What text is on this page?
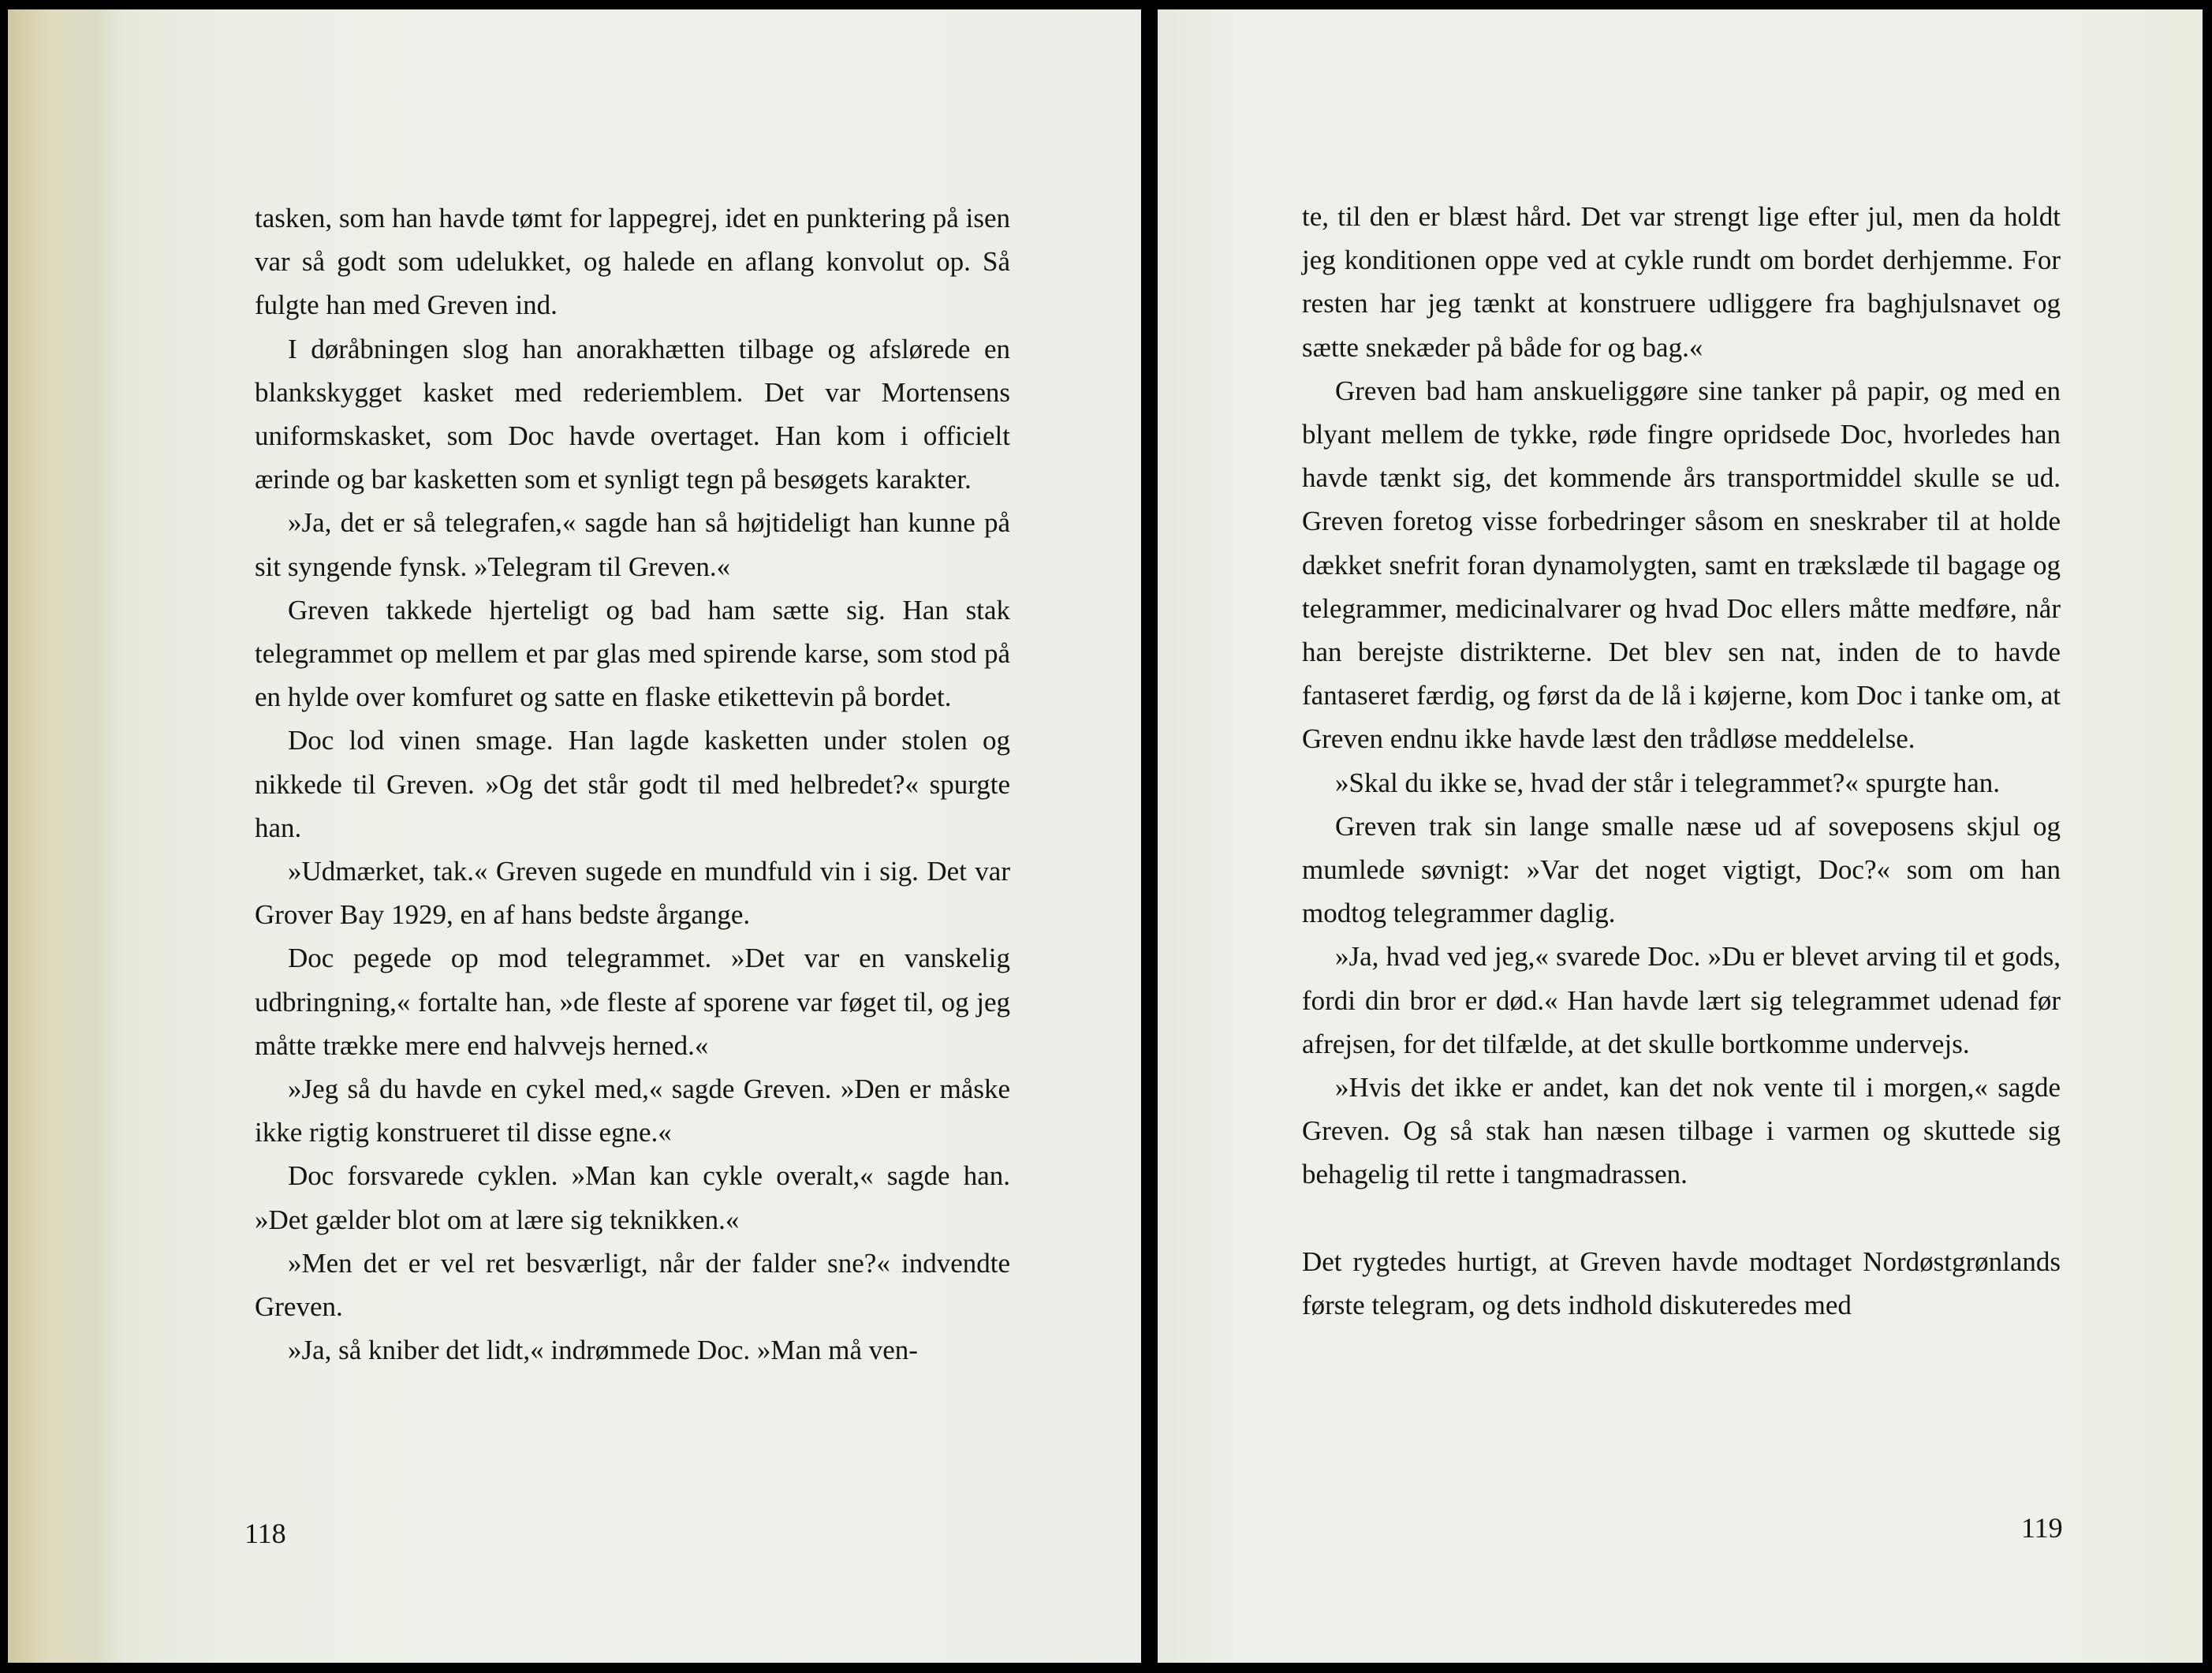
tasken, som han havde tømt for lappegrej, idet en punktering på isen var så godt som udelukket, og halede en aflang konvolut op. Så fulgte han med Greven ind.

I døråbningen slog han anorakhætten tilbage og afslørede en blankskygget kasket med rederiemblem. Det var Mortensens uniformskasket, som Doc havde overtaget. Han kom i officielt ærinde og bar kasketten som et synligt tegn på besøgets karakter.

»Ja, det er så telegrafen,« sagde han så højtideligt han kunne på sit syngende fynsk. »Telegram til Greven.«

Greven takkede hjerteligt og bad ham sætte sig. Han stak telegrammet op mellem et par glas med spirende karse, som stod på en hylde over komfuret og satte en flaske etikettevin på bordet.

Doc lod vinen smage. Han lagde kasketten under stolen og nikkede til Greven. »Og det står godt til med helbredet?« spurgte han.

»Udmærket, tak.« Greven sugede en mundfuld vin i sig. Det var Grover Bay 1929, en af hans bedste årgange.

Doc pegede op mod telegrammet. »Det var en vanskelig udbringning,« fortalte han, »de fleste af sporene var føget til, og jeg måtte trække mere end halvvejs herned.«

»Jeg så du havde en cykel med,« sagde Greven. »Den er måske ikke rigtig konstrueret til disse egne.«

Doc forsvarede cyklen. »Man kan cykle overalt,« sagde han. »Det gælder blot om at lære sig teknikken.«

»Men det er vel ret besværligt, når der falder sne?« indvendte Greven.

»Ja, så kniber det lidt,« indrømmede Doc. »Man må ven-

118

te, til den er blæst hård. Det var strengt lige efter jul, men da holdt jeg konditionen oppe ved at cykle rundt om bordet derhjemme. For resten har jeg tænkt at konstruere udliggere fra baghjulsnavet og sætte snekæder på både for og bag.«

Greven bad ham anskueliggøre sine tanker på papir, og med en blyant mellem de tykke, røde fingre opridsede Doc, hvorledes han havde tænkt sig, det kommende års transportmiddel skulle se ud. Greven foretog visse forbedringer såsom en sneskraber til at holde dækket snefrit foran dynamolygten, samt en trækslæde til bagage og telegrammer, medicinalvarer og hvad Doc ellers måtte medføre, når han berejste distrikterne. Det blev sen nat, inden de to havde fantaseret færdig, og først da de lå i køjerne, kom Doc i tanke om, at Greven endnu ikke havde læst den trådløse meddelelse.

»Skal du ikke se, hvad der står i telegrammet?« spurgte han.

Greven trak sin lange smalle næse ud af soveposens skjul og mumlede søvnigt: »Var det noget vigtigt, Doc?« som om han modtog telegrammer daglig.

»Ja, hvad ved jeg,« svarede Doc. »Du er blevet arving til et gods, fordi din bror er død.« Han havde lært sig telegrammet udenad før afrejsen, for det tilfælde, at det skulle bortkomme undervejs.

»Hvis det ikke er andet, kan det nok vente til i morgen,« sagde Greven. Og så stak han næsen tilbage i varmen og skuttede sig behagelig til rette i tangmadrassen.

Det rygtedes hurtigt, at Greven havde modtaget Nordøstgrønlands første telegram, og dets indhold diskuteredes med

119
